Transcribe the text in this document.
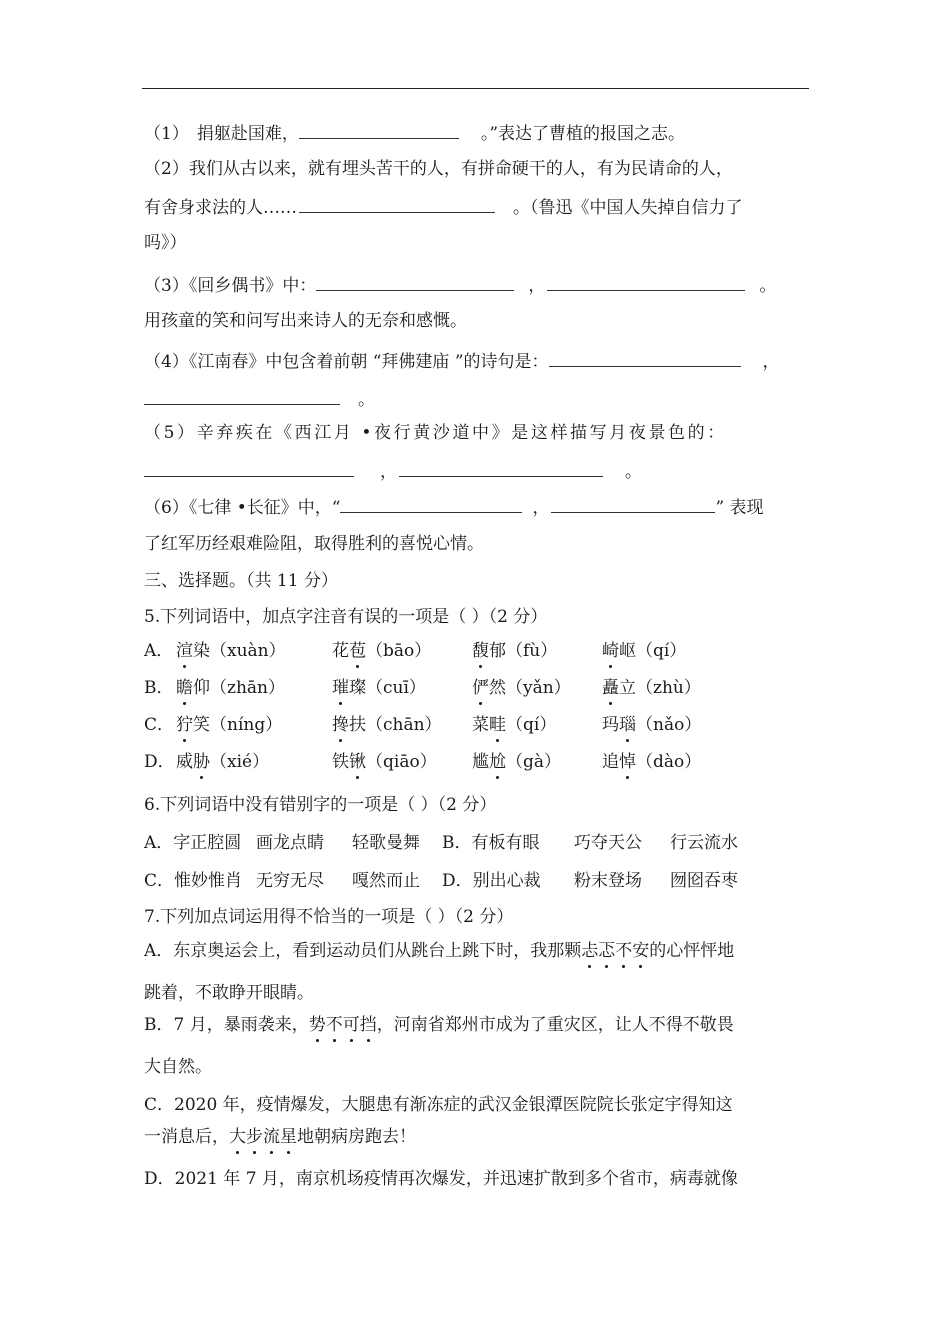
（1） 捐躯赴国难，	。”表达了曹植的报国之志。
（2）我们从古以来，就有埋头苦干的人，有拼命硬干的人，有为民请命的人，
有舍身求法的人……	。（鲁迅《中国人失掉自信力了
吗》）
（3）《回乡偶书》中：	，	。
用孩童的笑和问写出来诗人的无奈和感慨。
（4）《江南春》中包含着前朝 “拜佛建庙 ”的诗句是：	，
。
（5）辛弃疾在《西江月 •夜行黄沙道中》是这样描写月夜景色的：
，	。
（6）《七律 •长征》中，“	，	” 表现
了红军历经艰难险阻，取得胜利的喜悦心情。
三、选择题。（共 11 分）
5.下列词语中，加点字注音有误的一项是（ ）（2 分）
A． 渲染（xuàn）	花苞（bāo） 馥郁（fù）	崎岖（qí）
B． 瞻仰（zhān）	璀璨（cuī）	俨然（yǎn） 矗立（zhù）
C． 狞笑（níng）	搀扶（chān） 菜畦（qí）	玛瑙（nǎo）
D．威胁（xié）	铁锹（qiāo） 尴尬（gà） 追悼（dào）
6.下列词语中没有错别字的一项是（ ）（2 分）
A．字正腔圆 画龙点睛 轻歌曼舞 B．有板有眼 巧夺天公 行云流水
C．惟妙惟肖 无穷无尽 嘎然而止 D．别出心裁 粉末登场 囫囵吞枣
7.下列加点词运用得不恰当的一项是（ ）（2 分）
A．东京奥运会上，看到运动员们从跳台上跳下时，我那颗忐忑不安的心怦怦地
跳着，不敢睁开眼睛。
B．7 月，暴雨袭来，势不可挡，河南省郑州市成为了重灾区，让人不得不敬畏
大自然。
C．2020 年，疫情爆发，大腿患有渐冻症的武汉金银潭医院院长张定宇得知这
一消息后，大步流星地朝病房跑去！
D．2021 年 7 月，南京机场疫情再次爆发，并迅速扩散到多个省市，病毒就像
